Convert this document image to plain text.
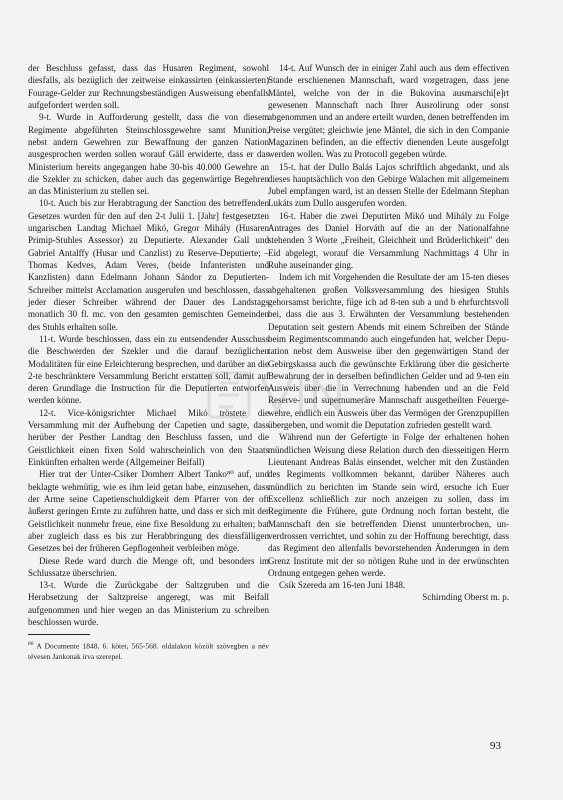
der Beschluss gefasst, dass das Husaren Regiment, sowohl diesfalls, als bezüglich der zeitweise einkassirten (einkassierten) Fourage-Gelder zur Rechnungsbeständigen Ausweisung ebenfalls aufgefordert werden soll.

9-t. Wurde in Aufforderung gestellt, dass die von diesem Regimente abgeführten Steinschlossgewehre samt Munition, nebst andern Gewehren zur Bewaffnung der ganzen Nation ausgesprochen werden sollen worauf Gäll erwiderte, dass er das Ministerium bereits angegangen habe 30-bis 40.000 Gewehre an die Szekler zu schicken, daher auch das gegenwärtige Begehren an das Ministerium zu stellen sei.

10-t. Auch bis zur Herabtragung der Sanction des betreffenden Gesetzes wurden für den auf den 2-t Julii 1. [Jahr] festgesetzten ungarischen Landtag Michael Mikó, Gregor Mihály (Husaren Primip-Stuhles Assessor) zu Deputierte. Alexander Gall und Gabriel Antalffy (Husar und Canzlist) zu Reserve-Deputierte; – Thomas Kedves, Adam Veres, (beide Infanteristen und Kanzlisten) dann Edelmann Johann Sándor zu Deputierten-Schreiber mittelst Acclamation ausgerufen und beschlossen, dass jeder dieser Schreiber während der Dauer des Landstags monatlich 30 fl. mc. von den gesamten gemischten Gemeinden des Stuhls erhalten solle.

11-t. Wurde beschlossen, dass ein zu entsendender Ausschuss die Beschwerden der Szekler und die darauf bezüglichen Modalitäten für eine Erleichterung besprechen, und darüber an die 2-te beschränktere Versammlung Bericht erstatten soll, damit auf deren Grundlage die Instruction für die Deputierten entworfen werden könne.

12-t. Vice-königsrichter Michael Mikó tröstete die Versammlung mit der Aufhebung der Capetien und sagte, dass herüber der Pesther Landtag den Beschluss fassen, und die Geistlichkeit einen fixen Sold wahrscheinlich von den Staats Einkünften erhalten werde (Allgemeiner Beifall)

Hier trat der Unter-Csiker Domherr Albert Tanko⁸⁰ auf, und beklagte wehmütig, wie es ihm leid getan habe, einzusehen, dass der Arme seine Capetienschuldigkeit dem Pfarrer von der oft äußerst geringen Ernte zu zuführen hatte, und dass er sich mit der Geistlichkeit nunmehr freue, eine fixe Besoldung zu erhalten; bat aber zugleich dass es bis zur Herabbringung des diessfälligen Gesetzes bei der früheren Gepflogenheit verbleiben möge.

Diese Rede ward durch die Menge oft, und besonders im Schlussatze überschrien.

13-t. Wurde die Zurückgabe der Saltzgruben und die Herabsetzung der Saltzpreise angeregt, was mit Beifall aufgenommen und hier wegen an das Ministerium zu schreiben beschlossen wurde.

$^{80}$ A Documente 1848, 6. kötet, 565-568. oldalakon közölt szövegben a név tévesen Jankonak írva szerepel.

14-t. Auf Wunsch der in einiger Zahl auch aus dem effectiven Stande erschienenen Mannschaft, ward vorgetragen, dass jene Mäntel, welche von der in die Bukovina ausmarschi[e]rt gewesenen Mannschaft nach Ihrer Ausrolirung oder sonst abgenommen und an andere erteilt wurden, denen betreffenden im Preise vergütet; gleichwie jene Mäntel, die sich in den Companie Magazinen befinden, an die effectiv dienenden Leute ausgefolgt werden wollen. Was zu Protocoll gegeben würde.

15-t. hat der Dullo Balás Lajos schriftlich abgedankt, und als dieses hauptsächlich von den Gebirge Walachen mit allgemeinem Jubel empfangen ward, ist an dessen Stelle der Edelmann Stephan Lukáts zum Dullo ausgerufen worden.

16-t. Haber die zwei Deputirten Mikó und Mihály zu Folge Antrages des Daniel Horváth auf die an der Nationalfahne stehenden 3 Worte „Freiheit, Gleichheit und Brüderlichkeit" den Eid abgelegt, worauf die Versammlung Nachmittags 4 Uhr in Ruhe auseinander ging.

Indem ich mit Vorgehenden die Resultate der am 15-ten dieses abgehaltenen großen Volksversammlung des hiesigen Stuhls gehorsamst berichte, füge ich ad 8-ten sub a und b ehrfurchtsvoll bei, dass die aus 3. Erwähnten der Versammlung bestehenden Deputation seit gestern Abends mit einem Schreiben der Stände beim Regimentscommando auch eingefunden hat, welcher Deputation nebst dem Ausweise über den gegenwärtigen Stand der Gebirgskassa auch die gewünschte Erklärung über die gesicherte Bewahrung der in derselben befindlichen Gelder und ad 9-ten ein Ausweis über die in Verrechnung habenden und an die Feld Reserve- und supernumeräre Mannschaft ausgetheilten Feuergewehre, endlich ein Ausweis über das Vermögen der Grenzpupillen übergeben, und womit die Deputation zufrieden gestellt ward.

Während nun der Gefertigte in Folge der erhaltenen hohen mündlichen Weisung diese Relation durch den diesseitigen Herrn Lieutenant Andreas Balás einsendet, welcher mit den Zuständen des Regiments vollkommen bekannt, darüber Näheres auch mündlich zu berichten im Stande sein wird, ersuche ich Euer Excellenz schließlich zur noch anzeigen zu sollen, dass im Regimente die Frühere, gute Ordnung noch fortan besteht, die Mannschaft den sie betreffenden Dienst ununterbrochen, unverdrossen verrichtet, und sohin zu der Hoffnung berechtigt, dass das Regiment den allenfalls bevorstehenden Änderungen in dem Grenz Institute mit der so nötigen Ruhe und in der erwünschten Ordnung entgegen gehen werde.

Csík Szereda am 16-ten Juni 1848.

Schirnding Oberst m. p.

93
